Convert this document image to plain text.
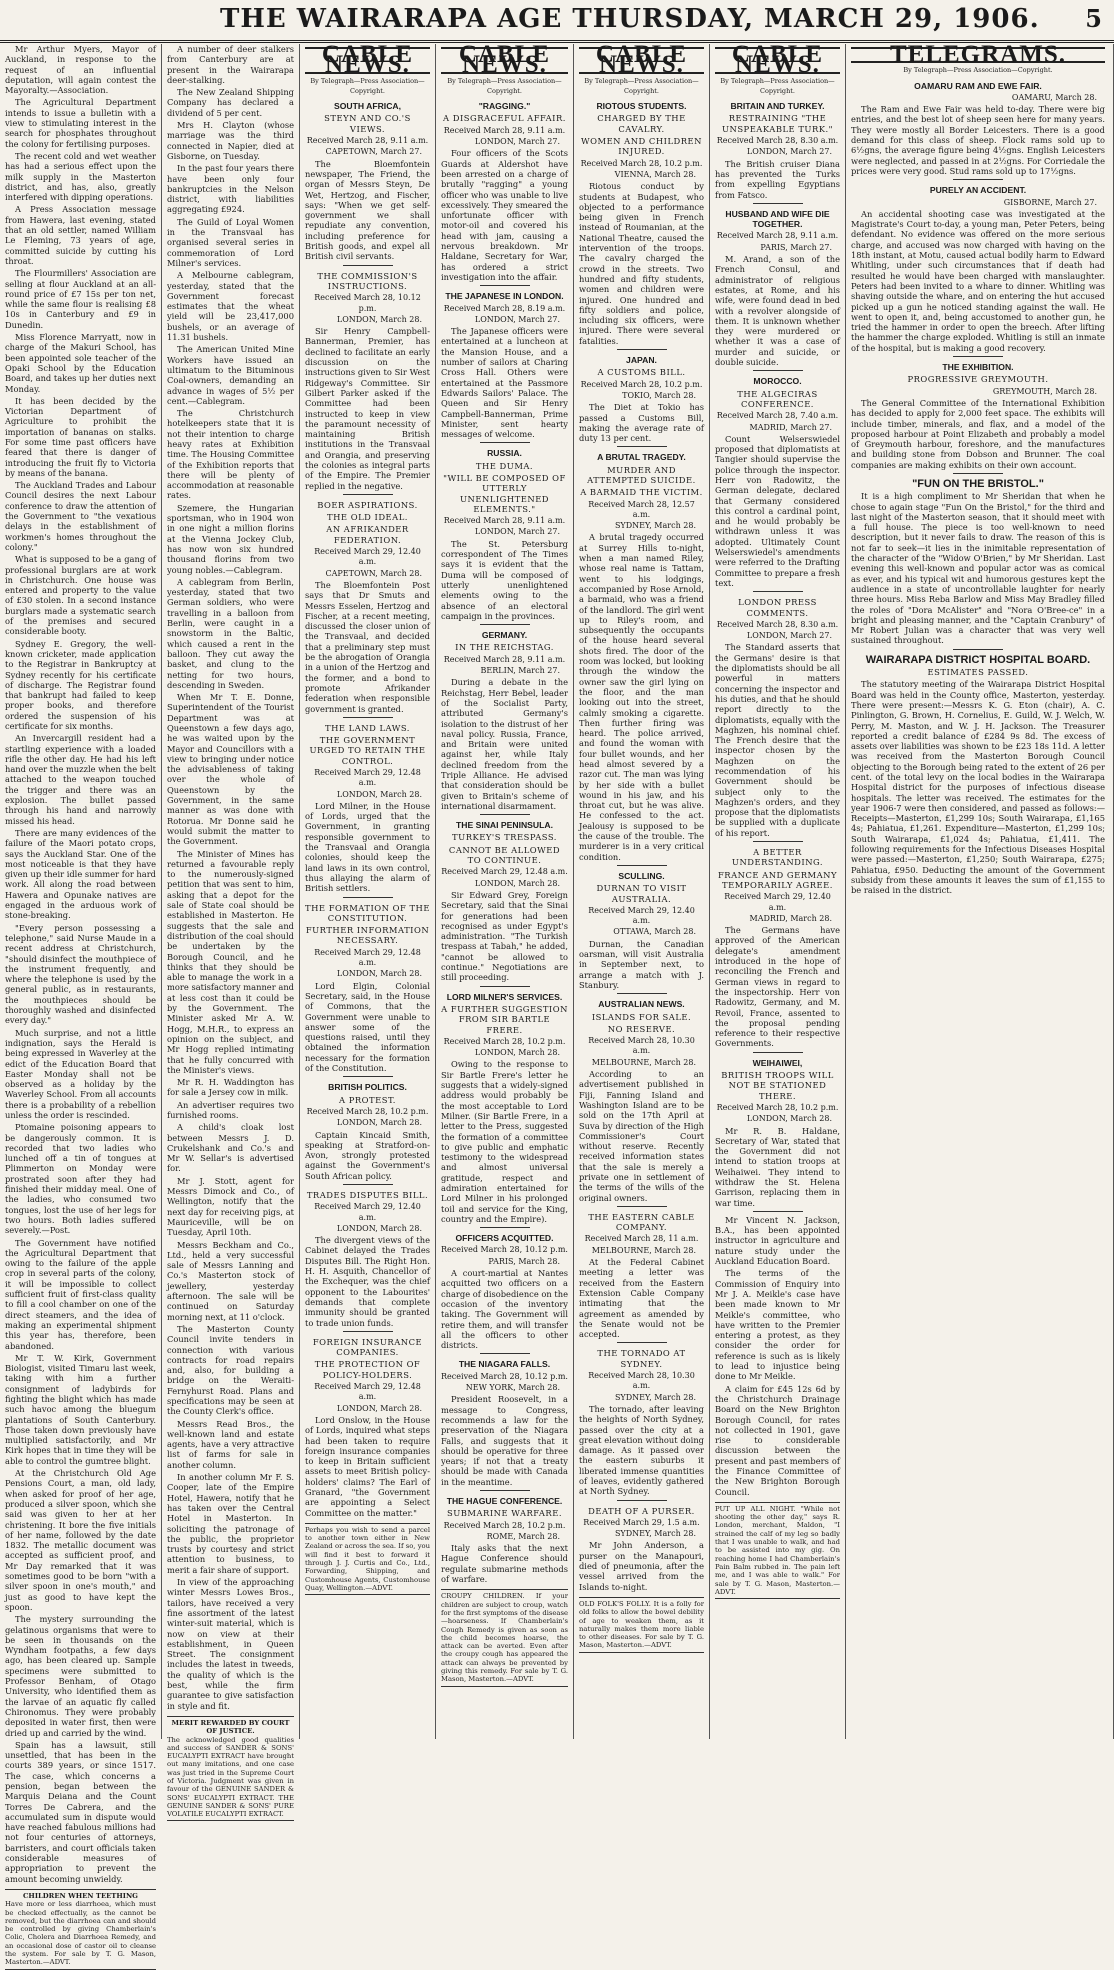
THE WAIRARAPA AGE THURSDAY, MARCH 29, 1906. 5

Mr Arthur Myers, Mayor of Auckland, in response to the request of an influential deputation, will again contest the Mayoralty.—Association.

The Agricultural Department intends to issue a bulletin with a view to stimulating interest in the search for phosphates throughout the colony for fertilising purposes.

The recent cold and wet weather has had a serious effect upon the milk supply in the Masterton district, and has, also, greatly interfered with dipping operations.

A Press Association message from Hawera, last evening, stated that an old settler, named William Le Fleming, 73 years of age, committed suicide by cutting his throat.

The Flourmillers' Association are selling at flour Auckland at an all-round price of £7 15s per ton net, while the same flour is realising £8 10s in Canterbury and £9 in Dunedin.

Miss Florence Marryatt, now in charge of the Makuri School, has been appointed sole teacher of the Opaki School by the Education Board, and takes up her duties next Monday.

It has been decided by the Victorian Department of Agriculture to prohibit the importation of bananas on stalks. For some time past officers have feared that there is danger of introducing the fruit fly to Victoria by means of the banana.

The Auckland Trades and Labour Council desires the next Labour conference to draw the attention of the Government to "the vexatious delays in the establishment of workmen's homes throughout the colony."

What is supposed to be a gang of professional burglars are at work in Christchurch. One house was entered and property to the value of £30 stolen. In a second instance burglars made a systematic search of the premises and secured considerable booty.

Sydney E. Gregory, the well-known cricketer, made application to the Registrar in Bankruptcy at Sydney recently for his certificate of discharge. The Registrar found that bankrupt had failed to keep proper books, and therefore ordered the suspension of his certificate for six months.

An Invercargill resident had a startling experience with a loaded rifle the other day. He had his left hand over the muzzle when the belt attached to the weapon touched the trigger and there was an explosion. The bullet passed through his hand and narrowly missed his head.

There are many evidences of the failure of the Maori potato crops, says the Auckland Star. One of the most noticeable is that they have given up their idle summer for hard work. All along the road between Hawera and Opunake natives are engaged in the arduous work of stone-breaking.

"Every person possessing a telephone," said Nurse Maude in a recent address at Christchurch, "should disinfect the mouthpiece of the instrument frequently, and where the telephone is used by the general public, as in restaurants, the mouthpieces should be thoroughly washed and disinfected every day."

Much surprise, and not a little indignation, says the Herald is being expressed in Waverley at the edict of the Education Board that Easter Monday shall not be observed as a holiday by the Waverley School. From all accounts there is a probability of a rebellion unless the order is rescinded.

Ptomaine poisoning appears to be dangerously common. It is recorded that two ladies who lunched off a tin of tongues at Plimmerton on Monday were prostrated soon after they had finished their midday meal. One of the ladies, who consumed two tongues, lost the use of her legs for two hours. Both ladies suffered severely.—Post.

The Government have notified the Agricultural Department that owing to the failure of the apple crop in several parts of the colony, it will be impossible to collect sufficient fruit of first-class quality to fill a cool chamber on one of the direct steamers, and the idea of making an experimental shipment this year has, therefore, been abandoned.

Mr T. W. Kirk, Government Biologist, visited Timaru last week, taking with him a further consignment of ladybirds for fighting the blight which has made such havoc among the bluegum plantations of South Canterbury. Those taken down previously have multiplied satisfactorily, and Mr Kirk hopes that in time they will be able to control the gumtree blight.

At the Christchurch Old Age Pensions Court, a man, old lady, when asked for proof of her age, produced a silver spoon, which she said was given to her at her christening. It bore the five initials of her name, followed by the date 1832. The metallic document was accepted as sufficient proof, and Mr Day remarked that it was sometimes good to be born "with a silver spoon in one's mouth," and just as good to have kept the spoon.

The mystery surrounding the gelatinous organisms that were to be seen in thousands on the Wyndham footpaths, a few days ago, has been cleared up. Sample specimens were submitted to Professor Benham, of Otago University, who identified them as the larvae of an aquatic fly called Chironomus. They were probably deposited in water first, then were dried up and carried by the wind.

Spain has a lawsuit, still unsettled, that has been in the courts 389 years, or since 1517. The case, which concerns a pension, began between the Marquis Deiana and the Count Torres De Cabrera, and the accumulated sum in dispute would have reached fabulous millions had not four centuries of attorneys, barristers, and court officials taken considerable measures of appropriation to prevent the amount becoming unwieldy.

CHILDREN WHEN TEETHING
Have more or less diarrhoea, which must be checked effectually, as the cannot be removed, but the diarrhoea can and should be controlled by giving Chamberlain's Colic, Cholera and Diarrhoea Remedy, and an occasional dose of castor oil to cleanse the system. For sale by T. G. Mason, Masterton.—ADVT.

A number of deer stalkers from Canterbury are at present in the Wairarapa deer-stalking.

The New Zealand Shipping Company has declared a dividend of 5 per cent.

Mrs H. Clayton (whose marriage was the third connected in Napier, died at Gisborne, on Tuesday.

In the past four years there have been only four bankruptcies in the Nelson district, with liabilities aggregating £924.

The Guild of Loyal Women in the Transvaal has organised several series in commemoration of Lord Milner's services.

A Melbourne cablegram, yesterday, stated that the Government forecast estimates that the wheat yield will be 23,417,000 bushels, or an average of 11.31 bushels.

The American United Mine Workers have issued an ultimatum to the Bituminous Coal-owners, demanding an advance in wages of 5½ per cent.—Cablegram.

The Christchurch hotelkeepers state that it is not their intention to charge heavy rates at Exhibition time. The Housing Committee of the Exhibition reports that there will be plenty of accommodation at reasonable rates.

Szemere, the Hungarian sportsman, who in 1904 won in one night a million florins at the Vienna Jockey Club, has now won six hundred thousand florins from two young nobles.—Cablegram.

A cablegram from Berlin, yesterday, stated that two German soldiers, who were travelling in a balloon from Berlin, were caught in a snowstorm in the Baltic, which caused a rent in the balloon. They cut away the basket, and clung to the netting for two hours, descending in Sweden.

When Mr T. E. Donne, Superintendent of the Tourist Department was at Queenstown a few days ago, he was waited upon by the Mayor and Councillors with a view to bringing under notice the advisableness of taking over the whole of Queenstown by the Government, in the same manner as was done with Rotorua. Mr Donne said he would submit the matter to the Government.

The Minister of Mines has returned a favourable reply to the numerously-signed petition that was sent to him, asking that a depot for the sale of State coal should be established in Masterton. He suggests that the sale and distribution of the coal should be undertaken by the Borough Council, and he thinks that they should be able to manage the work in a more satisfactory manner and at less cost than it could be by the Government. The Minister asked Mr A. W. Hogg, M.H.R., to express an opinion on the subject, and Mr Hogg replied intimating that he fully concurred with the Minister's views.

Mr R. H. Waddington has for sale a Jersey cow in milk.

An advertiser requires two furnished rooms.

A child's cloak lost between Messrs J. D. Crukelshank and Co.'s and Mr W. Sellar's is advertised for.

Mr J. Stott, agent for Messrs Dimock and Co., of Wellington, notify that the next day for receiving pigs, at Mauriceville, will be on Tuesday, April 10th.

Messrs Beckham and Co., Ltd., held a very successful sale of Messrs Lanning and Co.'s Masterton stock of jewellery, yesterday afternoon. The sale will be continued on Saturday morning next, at 11 o'clock.

The Masterton County Council invite tenders in connection with various contracts for road repairs and, also, for building a bridge on the Weraiti-Fernyhurst Road. Plans and specifications may be seen at the County Clerk's office.

Messrs Read Bros., the well-known land and estate agents, have a very attractive list of farms for sale in another column.

In another column Mr F. S. Cooper, late of the Empire Hotel, Hawera, notify that he has taken over the Central Hotel in Masterton. In soliciting the patronage of the public, the proprietor trusts by courtesy and strict attention to business, to merit a fair share of support.

In view of the approaching winter Messrs Lowes Bros., tailors, have received a very fine assortment of the latest winter-suit material, which is now on view at their establishment, in Queen Street. The consignment includes the latest in tweeds, the quality of which is the best, while the firm guarantee to give satisfaction in style and fit.

MERIT REWARDED BY COURT OF JUSTICE.
The acknowledged good qualities and success of SANDER & SONS' EUCALYPTI EXTRACT have brought out many imitations, and one case was just tried in the Supreme Court of Victoria. Judgment was given in favour of the GENUINE SANDER & SONS' EUCALYPTI EXTRACT. THE GENUINE SANDER & SONS' PURE VOLATILE EUCALYPTI EXTRACT.
CABLE NEWS.
By Telegraph—Press Association—Copyright.
SOUTH AFRICA,
STEYN AND CO.'S VIEWS.
Received March 28, 9.11 a.m.
CAPETOWN, March 27.

The Bloemfontein newspaper, The Friend, the organ of Messrs Steyn, De Wet, Hertzog, and Fischer, says: "When we get self-government we shall repudiate any convention, including preference for British goods, and expel all British civil servants.

THE COMMISSION'S INSTRUCTIONS.
Received March 28, 10.12 p.m.
LONDON, March 28.

Sir Henry Campbell-Bannerman, Premier, has declined to facilitate an early discussion on the instructions given to Sir West Ridgeway's Committee. Sir Gilbert Parker asked if the Committee had been instructed to keep in view the paramount necessity of maintaining British institutions in the Transvaal and Orangia, and preserving the colonies as integral parts of the Empire. The Premier replied in the negative.

BOER ASPIRATIONS.
THE OLD IDEAL.
AN AFRIKANDER FEDERATION.
Received March 29, 12.40 a.m.
CAPETOWN, March 28.

The Bloemfontein Post says that Dr Smuts and Messrs Esselen, Hertzog and Fischer, at a recent meeting, discussed the closer union of the Transvaal, and decided that a preliminary step must be the abrogation of Orangia in a union of the Hertzog and the former, and a bond to promote Afrikander federation when responsible government is granted.

THE LAND LAWS.
THE GOVERNMENT URGED TO RETAIN THE CONTROL.
Received March 29, 12.48 a.m.
LONDON, March 28.

Lord Milner, in the House of Lords, urged that the Government, in granting responsible government to the Transvaal and Orangia colonies, should keep the land laws in its own control, thus allaying the alarm of British settlers.

THE FORMATION OF THE CONSTITUTION.
FURTHER INFORMATION NECESSARY.
Received March 29, 12.48 a.m.
LONDON, March 28.

Lord Elgin, Colonial Secretary, said, in the House of Commons, that the Government were unable to answer some of the questions raised, until they obtained the information necessary for the formation of the Constitution.

BRITISH POLITICS.
A PROTEST.
Received March 28, 10.2 p.m.
LONDON, March 28.

Captain Kincaid Smith, speaking at Stratford-on-Avon, strongly protested against the Government's South African policy.

TRADES DISPUTES BILL.
Received March 29, 12.40 a.m.
LONDON, March 28.

The divergent views of the Cabinet delayed the Trades Disputes Bill. The Right Hon. H. H. Asquith, Chancellor of the Exchequer, was the chief opponent to the Labourites' demands that complete immunity should be granted to trade union funds.

FOREIGN INSURANCE COMPANIES.
THE PROTECTION OF POLICY-HOLDERS.
Received March 29, 12.48 a.m.
LONDON, March 28.

Lord Onslow, in the House of Lords, inquired what steps had been taken to require foreign insurance companies to keep in Britain sufficient assets to meet British policy-holders' claims? The Earl of Granard, "the Government are appointing a Select Committee on the matter."

Perhaps you wish to send a parcel to another town either in New Zealand or across the sea. If so, you will find it best to forward it through J. J. Curtis and Co., Ltd., Forwarding, Shipping, and Customhouse Agents, Customhouse Quay, Wellington.—ADVT.
CABLE NEWS.
By Telegraph—Press Association—Copyright.
"RAGGING."
A DISGRACEFUL AFFAIR.
Received March 28, 9.11 a.m.
LONDON, March 27.

Four officers of the Scots Guards at Aldershot have been arrested on a charge of brutally "ragging" a young officer who was unable to live excessively. They smeared the unfortunate officer with motor-oil and covered his head with jam, causing a nervous breakdown. Mr Haldane, Secretary for War, has ordered a strict investigation into the affair.

THE JAPANESE IN LONDON.
Received March 28, 8.19 a.m.
LONDON, March 27.

The Japanese officers were entertained at a luncheon at the Mansion House, and a number of sailors at Charing Cross Hall. Others were entertained at the Passmore Edwards Sailors' Palace. The Queen and Sir Henry Campbell-Bannerman, Prime Minister, sent hearty messages of welcome.

RUSSIA.
THE DUMA.
"WILL BE COMPOSED OF UTTERLY UNENLIGHTENED ELEMENTS."
Received March 28, 9.11 a.m.
LONDON, March 27.

The St. Petersburg correspondent of The Times says it is evident that the Duma will be composed of utterly unenlightened elements owing to the absence of an electoral campaign in the provinces.

GERMANY.
IN THE REICHSTAG.
Received March 28, 9.11 a.m.
BERLIN, March 27.

During a debate in the Reichstag, Herr Bebel, leader of the Socialist Party, attributed Germany's isolation to the distrust of her naval policy. Russia, France, and Britain were united against her, while Italy declined freedom from the Triple Alliance. He advised that consideration should be given to Britain's scheme of international disarmament.

THE SINAI PENINSULA.
TURKEY'S TRESPASS.
CANNOT BE ALLOWED TO CONTINUE.
Received March 29, 12.48 a.m.
LONDON, March 28.

Sir Edward Grey, Foreign Secretary, said that the Sinai for generations had been recognised as under Egypt's administration. "The Turkish trespass at Tabah," he added, "cannot be allowed to continue." Negotiations are still proceeding.

LORD MILNER'S SERVICES.
A FURTHER SUGGESTION FROM SIR BARTLE FRERE.
Received March 28, 10.2 p.m.
LONDON, March 28.

Owing to the response to Sir Bartle Frere's letter he suggests that a widely-signed address would probably be the most acceptable to Lord Milner. (Sir Bartle Frere, in a letter to the Press, suggested the formation of a committee to give public and emphatic testimony to the widespread and almost universal gratitude, respect and admiration entertained for Lord Milner in his prolonged toil and service for the King, country and the Empire).

OFFICERS ACQUITTED.
Received March 28, 10.12 p.m.
PARIS, March 28.

A court-martial at Nantes acquitted two officers on a charge of disobedience on the occasion of the inventory taking. The Government will retire them, and will transfer all the officers to other districts.

THE NIAGARA FALLS.
Received March 28, 10.12 p.m.
NEW YORK, March 28.

President Roosevelt, in a message to Congress, recommends a law for the preservation of the Niagara Falls, and suggests that it should be operative for three years; if not that a treaty should be made with Canada in the meantime.

THE HAGUE CONFERENCE.
SUBMARINE WARFARE.
Received March 28, 10.2 p.m.
ROME, March 28.

Italy asks that the next Hague Conference should regulate submarine methods of warfare.

CROUPY CHILDREN. If your children are subject to croup, watch for the first symptoms of the disease—hoarseness. If Chamberlain's Cough Remedy is given as soon as the child becomes hoarse, the attack can be averted. Even after the croupy cough has appeared the attack can always be prevented by giving this remedy. For sale by T. G. Mason, Masterton.—ADVT.
CABLE NEWS.
By Telegraph—Press Association—Copyright.
RIOTOUS STUDENTS.
CHARGED BY THE CAVALRY.
WOMEN AND CHILDREN INJURED.
Received March 28, 10.2 p.m.
VIENNA, March 28.

Riotous conduct by students at Budapest, who objected to a performance being given in French instead of Roumanian, at the National Theatre, caused the intervention of the troops. The cavalry charged the crowd in the streets. Two hundred and fifty students, women and children were injured. One hundred and fifty soldiers and police, including six officers, were injured. There were several fatalities.

JAPAN.
A CUSTOMS BILL.
Received March 28, 10.2 p.m.
TOKIO, March 28.

The Diet at Tokio has passed a Customs Bill, making the average rate of duty 13 per cent.

A BRUTAL TRAGEDY.
MURDER AND ATTEMPTED SUICIDE.
A BARMAID THE VICTIM.
Received March 28, 12.57 a.m.
SYDNEY, March 28.

A brutal tragedy occurred at Surrey Hills to-night, when a man named Riley, whose real name is Tattam, went to his lodgings, accompanied by Rose Arnold, a barmaid, who was a friend of the landlord. The girl went up to Riley's room, and subsequently the occupants of the house heard several shots fired. The door of the room was locked, but looking through the window the owner saw the girl lying on the floor, and the man looking out into the street, calmly smoking a cigarette. Then further firing was heard. The police arrived, and found the woman with four bullet wounds, and her head almost severed by a razor cut. The man was lying by her side with a bullet wound in his jaw, and his throat cut, but he was alive. He confessed to the act. Jealousy is supposed to be the cause of the trouble. The murderer is in a very critical condition.

SCULLING.
DURNAN TO VISIT AUSTRALIA.
Received March 29, 12.40 a.m.
OTTAWA, March 28.

Durnan, the Canadian oarsman, will visit Australia in September next, to arrange a match with J. Stanbury.

AUSTRALIAN NEWS.
ISLANDS FOR SALE.
NO RESERVE.
Received March 28, 10.30 a.m.
MELBOURNE, March 28.

According to an advertisement published in Fiji, Fanning Island and Washington Island are to be sold on the 17th April at Suva by direction of the High Commissioner's Court without reserve. Recently received information states that the sale is merely a private one in settlement of the terms of the wills of the original owners.

THE EASTERN CABLE COMPANY.
Received March 28, 11 a.m.
MELBOURNE, March 28.

At the Federal Cabinet meeting a letter was received from the Eastern Extension Cable Company intimating that the agreement as amended by the Senate would not be accepted.

THE TORNADO AT SYDNEY.
Received March 28, 10.30 a.m.
SYDNEY, March 28.

The tornado, after leaving the heights of North Sydney, passed over the city at a great elevation without doing damage. As it passed over the eastern suburbs it liberated immense quantities of leaves, evidently gathered at North Sydney.

DEATH OF A PURSER.
Received March 29, 1.5 a.m.
SYDNEY, March 28.

Mr John Anderson, a purser on the Manapouri, died of pneumonia, after the vessel arrived from the Islands to-night.

OLD FOLK'S FOLLY. It is a folly for old folks to allow the bowel debility of age to weaken them, as it naturally makes them more liable to other diseases. For sale by T. G. Mason, Masterton.—ADVT.
CABLE NEWS.
By Telegraph—Press Association—Copyright.
BRITAIN AND TURKEY.
RESTRAINING "THE UNSPEAKABLE TURK."
Received March 28, 8.30 a.m.
LONDON, March 27.

The British cruiser Diana has prevented the Turks from expelling Egyptians from Fatsco.

HUSBAND AND WIFE DIE TOGETHER.
Received March 28, 9.11 a.m.
PARIS, March 27.

M. Arand, a son of the French Consul, and administrator of religious estates, at Rome, and his wife, were found dead in bed with a revolver alongside of them. It is unknown whether they were murdered or whether it was a case of murder and suicide, or double suicide.

MOROCCO.
THE ALGECIRAS CONFERENCE.
Received March 28, 7.40 a.m.
MADRID, March 27.

Count Welserswiedel proposed that diplomatists at Tangier should supervise the police through the inspector. Herr von Radowitz, the German delegate, declared that Germany considered this control a cardinal point, and he would probably be withdrawn unless it was adopted. Ultimately Count Welserswiedel's amendments were referred to the Drafting Committee to prepare a fresh text.

LONDON PRESS COMMENTS.
Received March 28, 8.30 a.m.
LONDON, March 27.

The Standard asserts that the Germans' desire is that the diplomatists should be all powerful in matters concerning the inspector and his duties, and that he should report directly to the diplomatists, equally with the Maghzen, his nominal chief. The French desire that the inspector chosen by the Maghzen on the recommendation of his Government should be subject only to the Maghzen's orders, and they propose that the diplomatists be supplied with a duplicate of his report.

A BETTER UNDERSTANDING.
FRANCE AND GERMANY TEMPORARILY AGREE.
Received March 29, 12.40 a.m.
MADRID, March 28.

The Germans have approved of the American delegate's amendment introduced in the hope of reconciling the French and German views in regard to the inspectorship. Herr von Radowitz, Germany, and M. Revoil, France, assented to the proposal pending reference to their respective Governments.

WEIHAIWEI,
BRITISH TROOPS WILL NOT BE STATIONED THERE.
Received March 28, 10.2 p.m.
LONDON, March 28.

Mr R. B. Haldane, Secretary of War, stated that the Government did not intend to station troops at Weihaiwei. They intend to withdraw the St. Helena Garrison, replacing them in war time.

Mr Vincent N. Jackson, B.A., has been appointed instructor in agriculture and nature study under the Auckland Education Board.

The terms of the Commission of Enquiry into Mr J. A. Meikle's case have been made known to Mr Meikle's committee, who have written to the Premier entering a protest, as they consider the order for reference is such as is likely to lead to injustice being done to Mr Meikle.

A claim for £45 12s 6d by the Christchurch Drainage Board on the New Brighton Borough Council, for rates not collected in 1901, gave rise to considerable discussion between the present and past members of the Finance Committee of the New Brighton Borough Council.

PUT UP ALL NIGHT. "While not shooting the other day," says R. London, merchant, Maldon, "I strained the calf of my leg so badly that I was unable to walk, and had to be assisted into my gig. On reaching home I had Chamberlain's Pain Balm rubbed in. The pain left me, and I was able to walk." For sale by T. G. Mason, Masterton.—ADVT.
TELEGRAMS.
By Telegraph—Press Association—Copyright.
OAMARU RAM AND EWE FAIR.
OAMARU, March 28.

The Ram and Ewe Fair was held to-day. There were big entries, and the best lot of sheep seen here for many years. They were mostly all Border Leicesters. There is a good demand for this class of sheep. Flock rams sold up to 6½gns, the average figure being 4½gns. English Leicesters were neglected, and passed in at 2½gns. For Corriedale the prices were very good. Stud rams sold up to 17½gns.

PURELY AN ACCIDENT.
GISBORNE, March 27.

An accidental shooting case was investigated at the Magistrate's Court to-day, a young man, Peter Peters, being defendant. No evidence was offered on the more serious charge, and accused was now charged with having on the 18th instant, at Motu, caused actual bodily harm to Edward Whitling, under such circumstances that if death had resulted he would have been charged with manslaughter. Peters had been invited to a whare to dinner. Whitling was shaving outside the whare, and on entering the hut accused picked up a gun he noticed standing against the wall. He went to open it, and, being accustomed to another gun, he tried the hammer in order to open the breech. After lifting the hammer the charge exploded. Whitling is still an inmate of the hospital, but is making a good recovery.

THE EXHIBITION.
PROGRESSIVE GREYMOUTH.
GREYMOUTH, March 28.

The General Committee of the International Exhibition has decided to apply for 2,000 feet space. The exhibits will include timber, minerals, and flax, and a model of the proposed harbour at Point Elizabeth and probably a model of Greymouth harbour, foreshore, and the manufactures and building stone from Dobson and Brunner. The coal companies are making exhibits on their own account.

"FUN ON THE BRISTOL."

It is a high compliment to Mr Sheridan that when he chose to again stage "Fun On the Bristol," for the third and last night of the Masterton season, that it should meet with a full house. The piece is too well-known to need description, but it never fails to draw. The reason of this is not far to seek—it lies in the inimitable representation of the character of the "Widow O'Brien," by Mr Sheridan. Last evening this well-known and popular actor was as comical as ever, and his typical wit and humorous gestures kept the audience in a state of uncontrollable laughter for nearly three hours. Miss Reba Barlow and Miss May Bradley filled the roles of "Dora McAlister" and "Nora O'Bree-ce" in a bright and pleasing manner, and the "Captain Cranbury" of Mr Robert Julian was a character that was very well sustained throughout.

WAIRARAPA DISTRICT HOSPITAL BOARD.
ESTIMATES PASSED.

The statutory meeting of the Wairarapa District Hospital Board was held in the County office, Masterton, yesterday. There were present:—Messrs K. G. Eton (chair), A. C. Pinlington, G. Brown, H. Cornelius, E. Guild, W. J. Welch, W. Perry, M. Maston, and W. J. H. Jackson. The Treasurer reported a credit balance of £284 9s 8d. The excess of assets over liabilities was shown to be £23 18s 11d. A letter was received from the Masterton Borough Council objecting to the Borough being rated to the extent of 26 per cent. of the total levy on the local bodies in the Wairarapa Hospital district for the purposes of infectious disease hospitals. The letter was received. The estimates for the year 1906-7 were then considered, and passed as follows:—Receipts—Masterton, £1,299 10s; South Wairarapa, £1,165 4s; Pahiatua, £1,261. Expenditure—Masterton, £1,299 10s; South Wairarapa, £1,024 4s; Pahiatua, £1,411. The following requirements for the Infectious Diseases Hospital were passed:—Masterton, £1,250; South Wairarapa, £275; Pahiatua, £950. Deducting the amount of the Government subsidy from these amounts it leaves the sum of £1,155 to be raised in the district.
